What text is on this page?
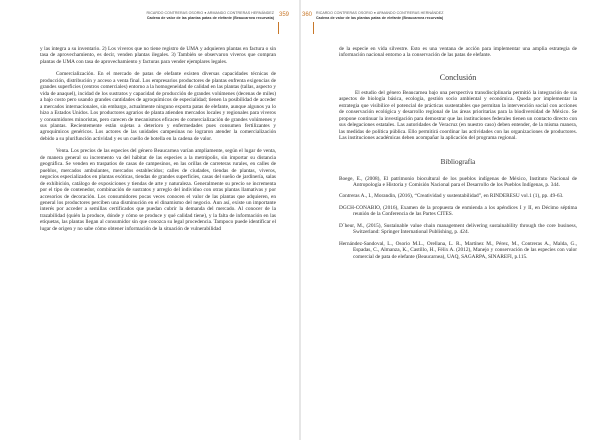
RICARDO CONTRERAS OSORIO ● ARMANDO CONTRERAS HERNÁNDEZ
Cadena de valor de las plantas patas de elefante (Beaucarnea recurvata) 359

y las integra a su inventario. 2) Los viveros que no tiene registro de UMA y adquieren plantas en factura o sin tasa de aprovechamiento, es decir, venden plantas ilegales. 3) También se observaron viveros que compran plantas de UMA con tasa de aprovechamiento y facturas para vender ejemplares legales.

Comercialización. En el mercado de patas de elefante existen diversas capacidades técnicas de producción, distribución y acceso a venta final. Los empresarios productores de plantas enfrenta exigencias de grandes superficies (centros comerciales) entorno a la homogeneidad de calidad en las plantas (tallas, aspecto y vida de anaquel), incidad de los sustratos y capacidad de producción de grandes volúmenes (decenas de miles) a bajo costo pero usando grandes cantidades de agroquímicos de especialidad; tienen la posibilidad de acceder a mercados internacionales, sin embargo, actualmente ninguno exporta patas de elefante, aunque algunos ya lo hizo a Estados Unidos. Los productores agrarios de planta atienden mercados locales y regionales para viveros y consumidores minoristas, pero carecen de mecanismos eficaces de comercialización de grandes volúmenes y sus plantas. Recientemente están sujetas a deterioro y enfermedades pues consumen fertilizantes y agroquímicos genéricos. Los actores de las unidades campesinas no lograron atender la comercialización debido a su plurifunción actividad y es un cuello de botella en la cadena de valor.

Venta. Los precios de las especies del género Beaucarnea varían ampliamente, según el lugar de venta, de manera general su incremento va del hábitat de las especies a la metrópolis, sin importar su distancia geográfica. Se venden en traspatios de casas de campesinos, en las orillas de carreteras rurales, en calles de pueblos, mercados ambulantes, mercados establecidos; calles de ciudades, tiendas de plantas, viveros, negocios especializados en plantas exóticas, tiendas de grandes superficies, casas del sueño de jardinería, salas de exhibición, catálogo de exposiciones y tiendas de arte y naturaleza. Generalmente su precio se incrementa por el tipo de contenedor, combinación de sustratos y arreglo del individuo con otras plantas llamativas y por accesorios de decoración. Los consumidores pocas veces conocen el valor de las plantas que adquieren, en general los productores perciben una disminución en el dinamismo del negocio. Aun así, existe un importante interés por acceder a semillas certificados que puedan cubrir la demanda del mercado. Al conocer de la trazabilidad (quién la produce, dónde y cómo se produce y qué calidad tiene), y la falta de información en las etiquetas, las plantas llegan al consumidor sin que conozca su legal procedencia. Tampoco puede identificar el lugar de origen y no sabe cómo obtener información de la situación de vulnerabilidad

360 RICARDO CONTRERAS OSORIO ● ARMANDO CONTRERAS HERNÁNDEZ
Cadena de valor de las plantas patas de elefante (Beaucarnea recurvata)

de la especie en vida silvestre. Esto es una ventana de acción para implementar una amplia estrategia de información nacional entorno a la conservación de las patas de elefante.

Conclusión

El estudio del género Beaucarnea bajo una perspectiva transdisciplinaria permitió la integración de sus aspectos de biología básica, ecología, gestión socio ambiental y económica. Queda por implementar la estrategia que visibilice el potencial de prácticas sustentables que permitan la intervención social con acciones de conservación ecológica y desarrollo regional de las áreas prioritarias para la biodiversidad de México. Se propone continuar la investigación para demostrar que las instituciones federales tienen un contacto directo con sus delegaciones estatales. Las autoridades de Veracruz (en nuestro caso) deben entender, de la misma manera, las medidas de política pública. Ello permitirá coordinar las actividades con las organizaciones de productores. Las instituciones académicas deben acompañar la aplicación del programa regional.

Bibliografía

Boege, E., (2008), El patrimonio biocultural de los pueblos indígenas de México, Instituto Nacional de Antropología e Historia y Comisión Nacional para el Desarrollo de los Pueblos Indígenas, p. 344.

Contreras A., I., Morandin, (2016), “Creatividad y sustentabilidad”, en RINDERESU vol.1 (1), pp. 49-63.

DGCH-CONABIO, (2016), Examen de la propuesta de enmienda a los apéndices I y II, en Décimo séptima reunión de la Conferencia de las Partes CITES.

D´heur, M., (2015), Sustainable value chain management delivering sustainability through the core business, Switzerland: Springer International Publishing, p. 424.

Hernández-Sandoval, L., Osorio M.L., Orellana, L. R., Martínez M., Pérez, M., Contreras A., Malda, G., Espadas, C., Almanza, K., Castillo, H., Félix A. (2012), Manejo y conservación de las especies con valor comercial de pata de elefante (Beaucarnea), UAQ, SAGARPA, SINAREFI, p.115.
